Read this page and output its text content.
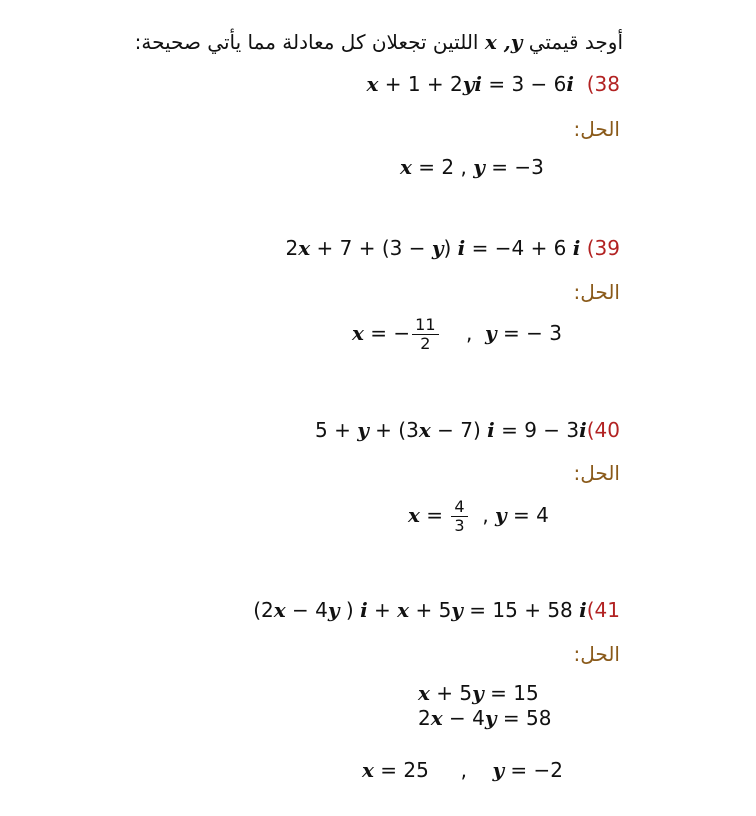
أوجد قيمتي x ,y اللتين تجعلان كل معادلة مما يأتي صحيحة:
x + 1 + 2yi = 3 − 6i (38
الحل:
x = 2 , y = −3
2x + 7 + (3 − y) i = −4 + 6 i (39
الحل:
x = − $\frac{11}{2}$ ,  y = − 3
5 + y + (3x − 7) i = 9 − 3i(40
الحل:
$x = \frac{4}{3}$ , y = 4
(2x − 4y ) i + x + 5y = 15 + 58 i(41
الحل:
x + 5y = 15
2x − 4y = 58
x = 25     ,    y = −2
